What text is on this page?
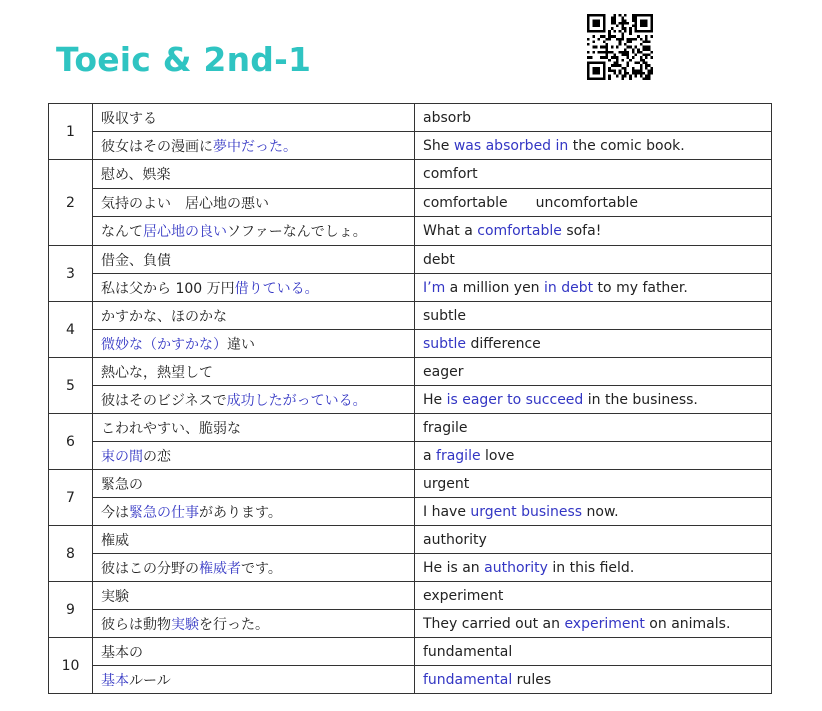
Toeic & 2nd-1
1	吸収する	absorb
	彼女はその漫画に夢中だった。	She was absorbed in the comic book.
2	慰め、娯楽	comfort
	気持のよい　居心地の悪い	comfortable uncomfortable
	なんて居心地の良いソファーなんでしょ。	What a comfortable sofa!
3	借金、負債	debt
	私は父から 100 万円借りている。	I’m a million yen in debt to my father.
4	かすかな、ほのかな	subtle
	微妙な（かすかな）違い	subtle difference
5	熱心な，熱望して	eager
	彼はそのビジネスで成功したがっている。	He is eager to succeed in the business.
6	こわれやすい、脆弱な	fragile
	束の間の恋	a fragile love
7	緊急の	urgent
	今は緊急の仕事があります。	I have urgent business now.
8	権威	authority
	彼はこの分野の権威者です。	He is an authority in this field.
9	実験	experiment
	彼らは動物実験を行った。	They carried out an experiment on animals.
10	基本の	fundamental
	基本ルール	fundamental rules
